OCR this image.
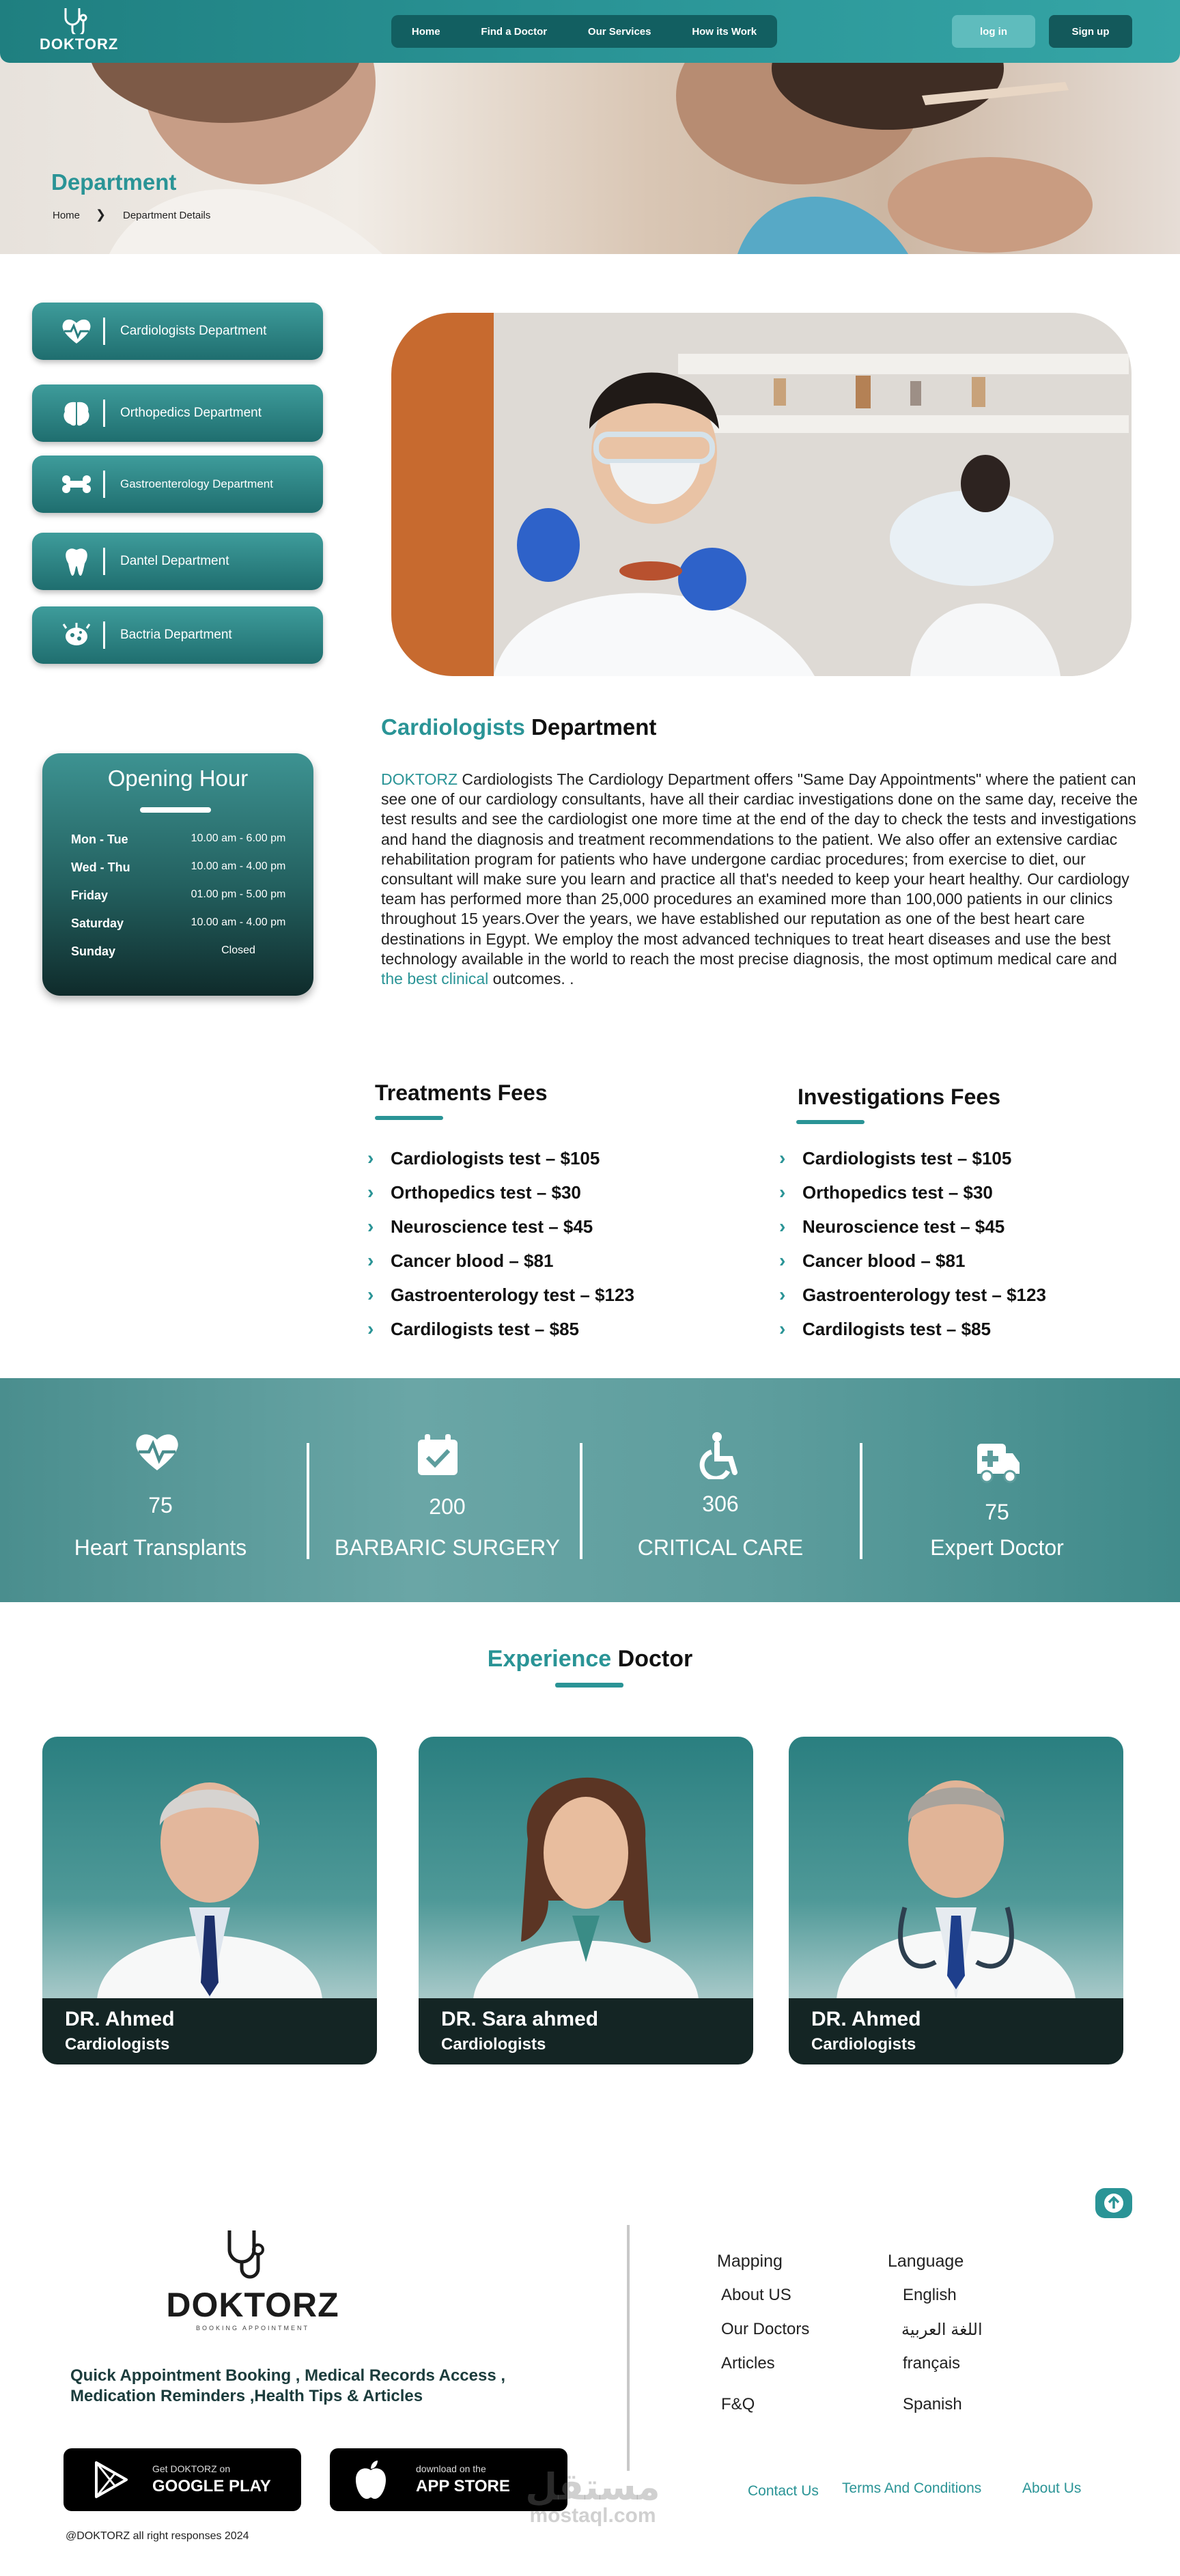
DOKTORZ
Home	Find a Doctor	Our Services	How its Work	log in	Sign up
Department
Home ❯ Department Details
Cardiologists Department
Orthopedics Department
Gastroenterology Department
Dantel Department
Bactria Department
Opening Hour
Mon - Tue	10.00 am - 6.00 pm
Wed - Thu	10.00 am - 4.00 pm
Friday	01.00 pm - 5.00 pm
Saturday	10.00 am - 4.00 pm
Sunday	Closed
Cardiologists Department
DOKTORZ Cardiologists The Cardiology Department offers "Same Day Appointments" where the patient can see one of our cardiology consultants, have all their cardiac investigations done on the same day, receive the test results and see the cardiologist one more time at the end of the day to check the tests and investigations and hand the diagnosis and treatment recommendations to the patient. We also offer an extensive cardiac rehabilitation program for patients who have undergone cardiac procedures; from exercise to diet, our consultant will make sure you learn and practice all that's needed to keep your heart healthy. Our cardiology team has performed more than 25,000 procedures an examined more than 100,000 patients in our clinics throughout 15 years.Over the years, we have established our reputation as one of the best heart care destinations in Egypt. We employ the most advanced techniques to treat heart diseases and use the best technology available in the world to reach the most precise diagnosis, the most optimum medical care and the best clinical outcomes. .
Treatments Fees	Investigations Fees
› Cardiologists test – $105
› Orthopedics test – $30
› Neuroscience test – $45
› Cancer blood – $81
› Gastroenterology test – $123
› Cardilogists test – $85
› Cardiologists test – $105
› Orthopedics test – $30
› Neuroscience test – $45
› Cancer blood – $81
› Gastroenterology test – $123
› Cardilogists test – $85
75
Heart Transplants
200
BARBARIC SURGERY
306
CRITICAL CARE
75
Expert Doctor
Experience Doctor
DR. Ahmed
Cardiologists
DR. Sara ahmed
Cardiologists
DR. Ahmed
Cardiologists
DOKTORZ
BOOKING APPOINTMENT
Quick Appointment Booking , Medical Records Access ,
Medication Reminders ,Health Tips & Articles
Mapping
About US
Our Doctors
Articles
F&Q
Language
English
اللغة العربية
français
Spanish
Get DOKTORZ on
GOOGLE PLAY
download on the
APP STORE	Contact Us Terms And Conditions	About Us
مستقل
mostaql.com
@DOKTORZ all right responses 2024
